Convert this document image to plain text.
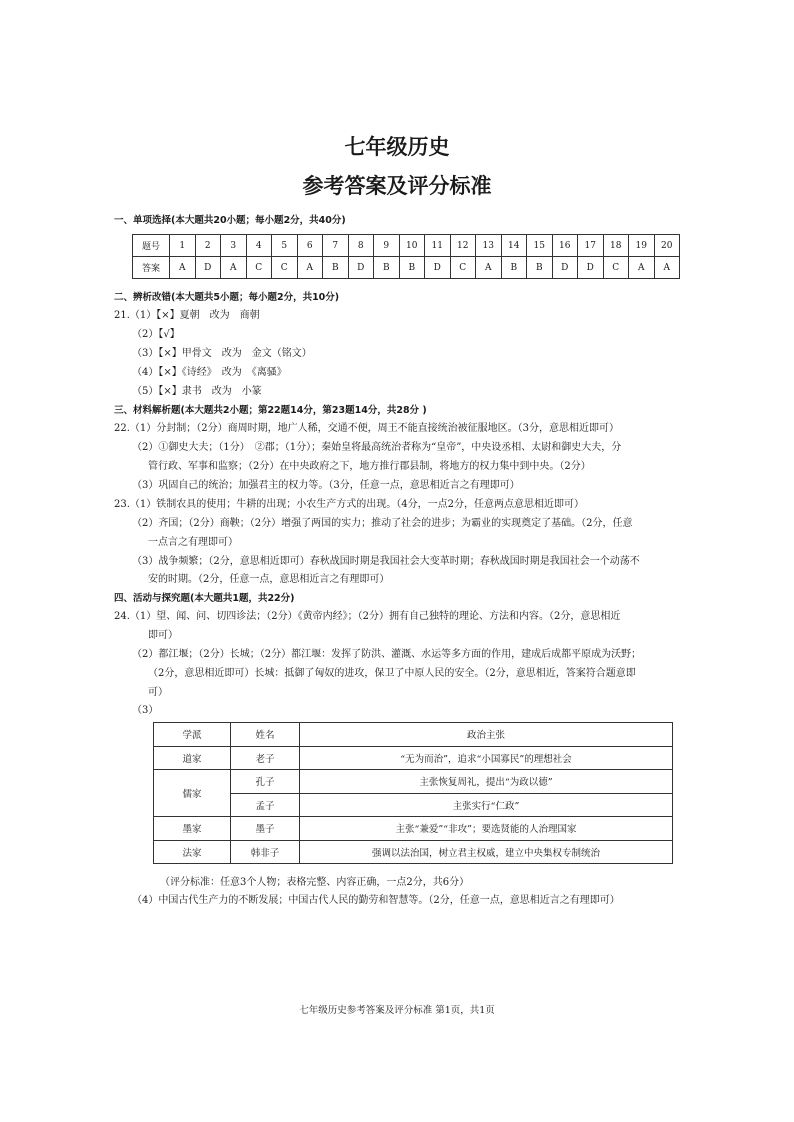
七年级历史
参考答案及评分标准
一、单项选择(本大题共20小题；每小题2分，共40分)
题号	1	2	3	4	5	6	7	8	9	10	11	12	13	14	15	16	17	18	19	20
答案	A	D	A	C	C	A	B	D	B	B	D	C	A	B	B	D	D	C	A	A
二、辨析改错(本大题共5小题；每小题2分，共10分)
21.（1）【×】夏朝　改为　商朝
（2）【√】
（3）【×】甲骨文　改为　金文（铭文）
（4）【×】《诗经》　改为　《离骚》
（5）【×】隶书　改为　小篆
三、材料解析题(本大题共2小题；第22题14分，第23题14分，共28分 )
22.（1）分封制；（2分）商周时期，地广人稀，交通不便，周王不能直接统治被征服地区。（3分，意思相近即可）
（2）①御史大夫；（1分）　②郡；（1分）；秦始皇将最高统治者称为“皇帝”，中央设丞相、太尉和御史大夫，分
管行政、军事和监察；（2分）在中央政府之下，地方推行郡县制，将地方的权力集中到中央。（2分）
（3）巩固自己的统治；加强君主的权力等。（3分，任意一点，意思相近言之有理即可）
23.（1）铁制农具的使用；牛耕的出现；小农生产方式的出现。（4分，一点2分，任意两点意思相近即可）
（2）齐国；（2分）商鞅；（2分）增强了两国的实力；推动了社会的进步；为霸业的实现奠定了基础。（2分，任意
一点言之有理即可）
（3）战争频繁；（2分，意思相近即可）春秋战国时期是我国社会大变革时期；春秋战国时期是我国社会一个动荡不
安的时期。（2分，任意一点，意思相近言之有理即可）
四、活动与探究题(本大题共1题，共22分)
24.（1）望、闻、问、切四诊法；（2分）《黄帝内经》；（2分）拥有自己独特的理论、方法和内容。（2分，意思相近
即可）
（2）都江堰；（2分）长城；（2分）都江堰：发挥了防洪、灌溉、水运等多方面的作用，建成后成都平原成为沃野；
（2分，意思相近即可）长城：抵御了匈奴的进攻，保卫了中原人民的安全。（2分，意思相近，答案符合题意即
可）
（3）
学派	姓名	政治主张
道家	老子	“无为而治”，追求“小国寡民”的理想社会
儒家	孔子	主张恢复周礼，提出“为政以德”
	孟子	主张实行“仁政”
墨家	墨子	主张“兼爱”“非攻”；要选贤能的人治理国家
法家	韩非子	强调以法治国，树立君主权威，建立中央集权专制统治
（评分标准：任意3个人物；表格完整、内容正确，一点2分，共6分）
（4）中国古代生产力的不断发展；中国古代人民的勤劳和智慧等。（2分，任意一点，意思相近言之有理即可）
七年级历史参考答案及评分标准 第1页，共1页
